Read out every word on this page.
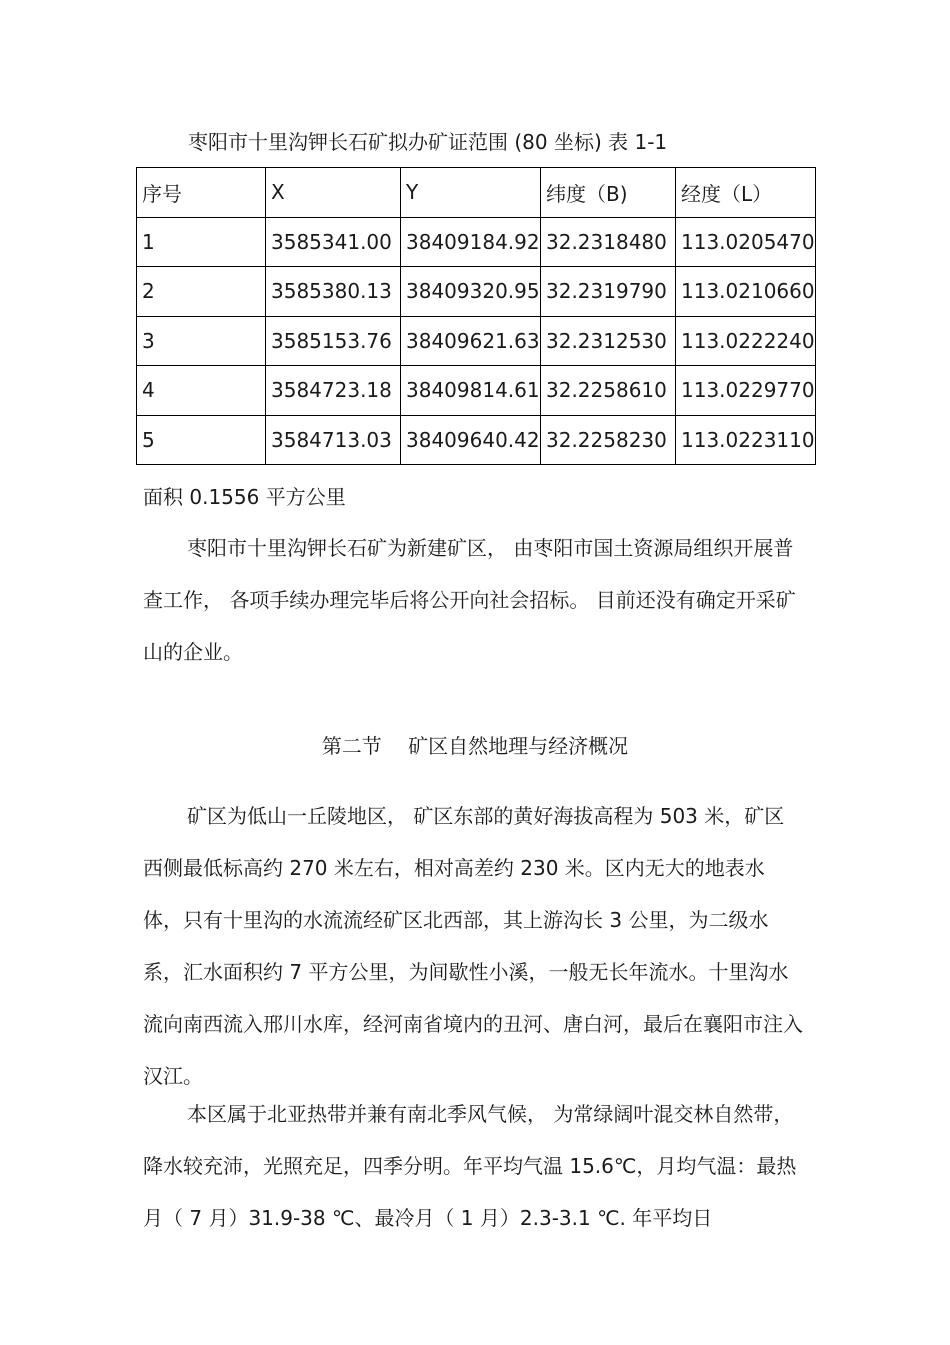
枣阳市十里沟钾长石矿拟办矿证范围 (80 坐标) 表 1-1
序号	X	Y	纬度（B)	经度（L）
1	3585341.00	38409184.92	32.2318480	113.0205470
2	3585380.13	38409320.95	32.2319790	113.0210660
3	3585153.76	38409621.63	32.2312530	113.0222240
4	3584723.18	38409814.61	32.2258610	113.0229770
5	3584713.03	38409640.42	32.2258230	113.0223110
面积 0.1556 平方公里

枣阳市十里沟钾长石矿为新建矿区， 由枣阳市国土资源局组织开展普查工作， 各项手续办理完毕后将公开向社会招标。 目前还没有确定开采矿山的企业。

第二节　 矿区自然地理与经济概况

矿区为低山一丘陵地区， 矿区东部的黄好海拔高程为 503 米，矿区西侧最低标高约 270 米左右，相对高差约 230 米。区内无大的地表水体，只有十里沟的水流流经矿区北西部，其上游沟长 3 公里，为二级水系，汇水面积约 7 平方公里，为间歇性小溪，一般无长年流水。十里沟水流向南西流入邢川水库，经河南省境内的丑河、唐白河，最后在襄阳市注入汉江。

本区属于北亚热带并兼有南北季风气候， 为常绿阔叶混交林自然带，降水较充沛，光照充足，四季分明。年平均气温 15.6℃，月均气温：最热月（ 7 月）31.9-38 ℃、最冷月（ 1 月）2.3-3.1 ℃. 年平均日
